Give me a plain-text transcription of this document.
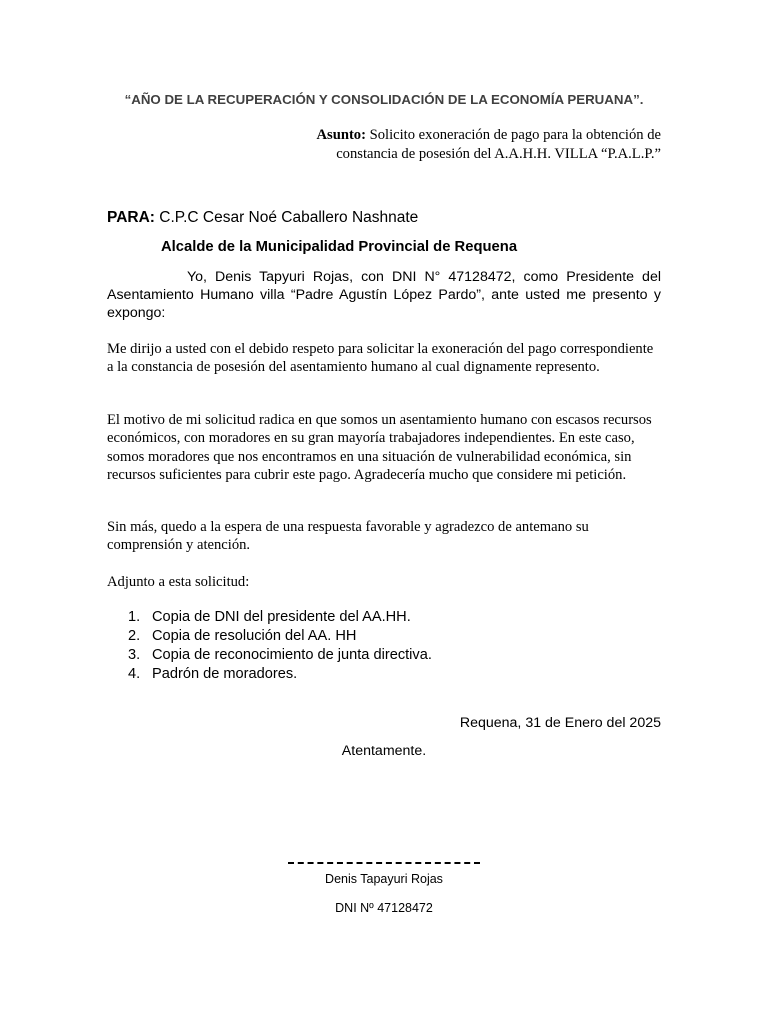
“AÑO DE LA RECUPERACIÓN Y CONSOLIDACIÓN DE LA ECONOMÍA PERUANA”.
Asunto: Solicito exoneración de pago para la obtención de
constancia de posesión del A.A.H.H. VILLA “P.A.L.P.”
PARA: C.P.C Cesar Noé Caballero Nashnate
Alcalde de la Municipalidad Provincial de Requena
Yo, Denis Tapyuri Rojas, con DNI N° 47128472, como Presidente del Asentamiento Humano villa “Padre Agustín López Pardo”, ante usted me presento y expongo:
Me dirijo a usted con el debido respeto para solicitar la exoneración del pago correspondiente a la constancia de posesión del asentamiento humano al cual dignamente represento.
El motivo de mi solicitud radica en que somos un asentamiento humano con escasos recursos económicos, con moradores en su gran mayoría trabajadores independientes. En este caso, somos moradores que nos encontramos en una situación de vulnerabilidad económica, sin recursos suficientes para cubrir este pago. Agradecería mucho que considere mi petición.
Sin más, quedo a la espera de una respuesta favorable y agradezco de antemano su comprensión y atención.
Adjunto a esta solicitud:
1. Copia de DNI del presidente del AA.HH.
2. Copia de resolución del AA. HH
3. Copia de reconocimiento de junta directiva.
4. Padrón de moradores.
Requena, 31 de Enero del 2025
Atentamente.
Denis Tapayuri Rojas
DNI Nº 47128472
